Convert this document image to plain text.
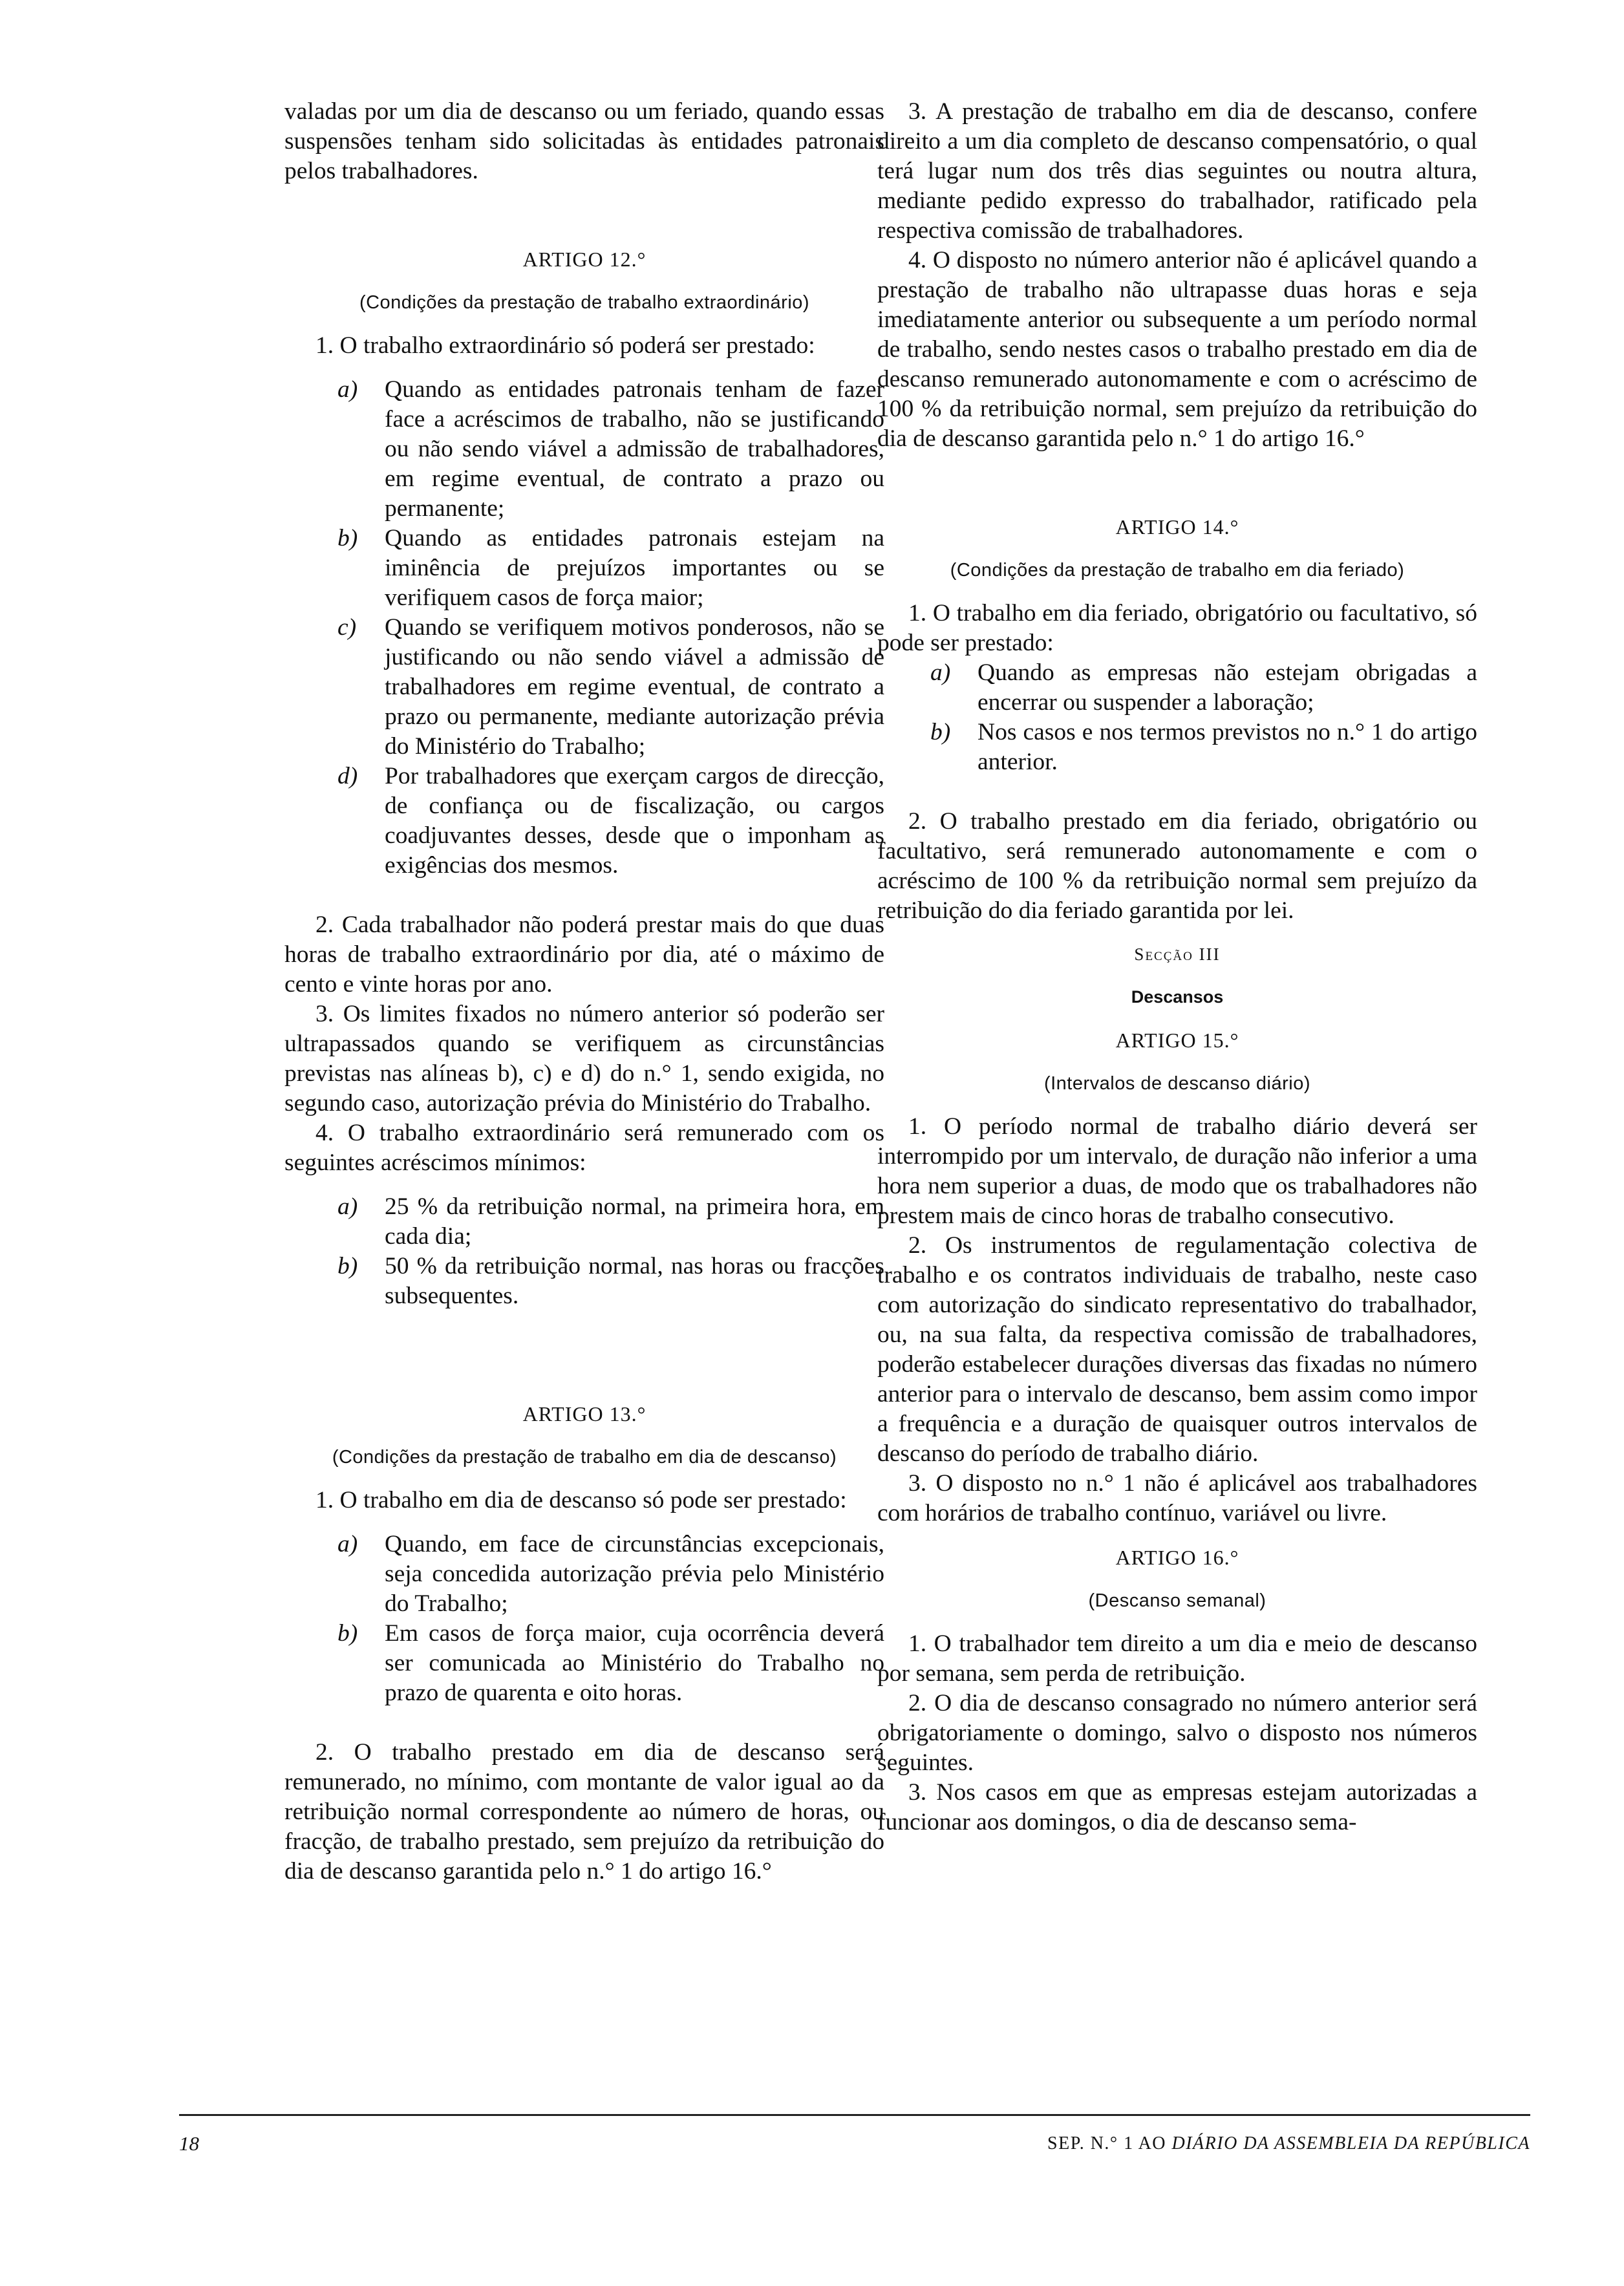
valadas por um dia de descanso ou um feriado, quando essas suspensões tenham sido solicitadas às entidades patronais pelos trabalhadores.

ARTIGO 12.°

(Condições da prestação de trabalho extraordinário)

1. O trabalho extraordinário só poderá ser prestado:

a) Quando as entidades patronais tenham de fazer face a acréscimos de trabalho, não se justificando ou não sendo viável a admissão de trabalhadores, em regime eventual, de contrato a prazo ou permanente;

b) Quando as entidades patronais estejam na iminência de prejuízos importantes ou se verifiquem casos de força maior;

c) Quando se verifiquem motivos ponderosos, não se justificando ou não sendo viável a admissão de trabalhadores em regime eventual, de contrato a prazo ou permanente, mediante autorização prévia do Ministério do Trabalho;

d) Por trabalhadores que exerçam cargos de direcção, de confiança ou de fiscalização, ou cargos coadjuvantes desses, desde que o imponham as exigências dos mesmos.

2. Cada trabalhador não poderá prestar mais do que duas horas de trabalho extraordinário por dia, até o máximo de cento e vinte horas por ano.

3. Os limites fixados no número anterior só poderão ser ultrapassados quando se verifiquem as circunstâncias previstas nas alíneas b), c) e d) do n.° 1, sendo exigida, no segundo caso, autorização prévia do Ministério do Trabalho.

4. O trabalho extraordinário será remunerado com os seguintes acréscimos mínimos:

a) 25 % da retribuição normal, na primeira hora, em cada dia;

b) 50 % da retribuição normal, nas horas ou fracções subsequentes.

ARTIGO 13.°

(Condições da prestação de trabalho em dia de descanso)

1. O trabalho em dia de descanso só pode ser prestado:

a) Quando, em face de circunstâncias excepcionais, seja concedida autorização prévia pelo Ministério do Trabalho;

b) Em casos de força maior, cuja ocorrência deverá ser comunicada ao Ministério do Trabalho no prazo de quarenta e oito horas.

2. O trabalho prestado em dia de descanso será remunerado, no mínimo, com montante de valor igual ao da retribuição normal correspondente ao número de horas, ou fracção, de trabalho prestado, sem prejuízo da retribuição do dia de descanso garantida pelo n.° 1 do artigo 16.°

3. A prestação de trabalho em dia de descanso, confere direito a um dia completo de descanso compensatório, o qual terá lugar num dos três dias seguintes ou noutra altura, mediante pedido expresso do trabalhador, ratificado pela respectiva comissão de trabalhadores.

4. O disposto no número anterior não é aplicável quando a prestação de trabalho não ultrapasse duas horas e seja imediatamente anterior ou subsequente a um período normal de trabalho, sendo nestes casos o trabalho prestado em dia de descanso remunerado autonomamente e com o acréscimo de 100 % da retribuição normal, sem prejuízo da retribuição do dia de descanso garantida pelo n.° 1 do artigo 16.°

ARTIGO 14.°

(Condições da prestação de trabalho em dia feriado)

1. O trabalho em dia feriado, obrigatório ou facultativo, só pode ser prestado:

a) Quando as empresas não estejam obrigadas a encerrar ou suspender a laboração;

b) Nos casos e nos termos previstos no n.° 1 do artigo anterior.

2. O trabalho prestado em dia feriado, obrigatório ou facultativo, será remunerado autonomamente e com o acréscimo de 100 % da retribuição normal sem prejuízo da retribuição do dia feriado garantida por lei.

Secção III

Descansos

ARTIGO 15.°

(Intervalos de descanso diário)

1. O período normal de trabalho diário deverá ser interrompido por um intervalo, de duração não inferior a uma hora nem superior a duas, de modo que os trabalhadores não prestem mais de cinco horas de trabalho consecutivo.

2. Os instrumentos de regulamentação colectiva de trabalho e os contratos individuais de trabalho, neste caso com autorização do sindicato representativo do trabalhador, ou, na sua falta, da respectiva comissão de trabalhadores, poderão estabelecer durações diversas das fixadas no número anterior para o intervalo de descanso, bem assim como impor a frequência e a duração de quaisquer outros intervalos de descanso do período de trabalho diário.

3. O disposto no n.° 1 não é aplicável aos trabalhadores com horários de trabalho contínuo, variável ou livre.

ARTIGO 16.°

(Descanso semanal)

1. O trabalhador tem direito a um dia e meio de descanso por semana, sem perda de retribuição.

2. O dia de descanso consagrado no número anterior será obrigatoriamente o domingo, salvo o disposto nos números seguintes.

3. Nos casos em que as empresas estejam autorizadas a funcionar aos domingos, o dia de descanso sema-

18	SEP. N.° 1 AO DIÁRIO DA ASSEMBLEIA DA REPÚBLICA
